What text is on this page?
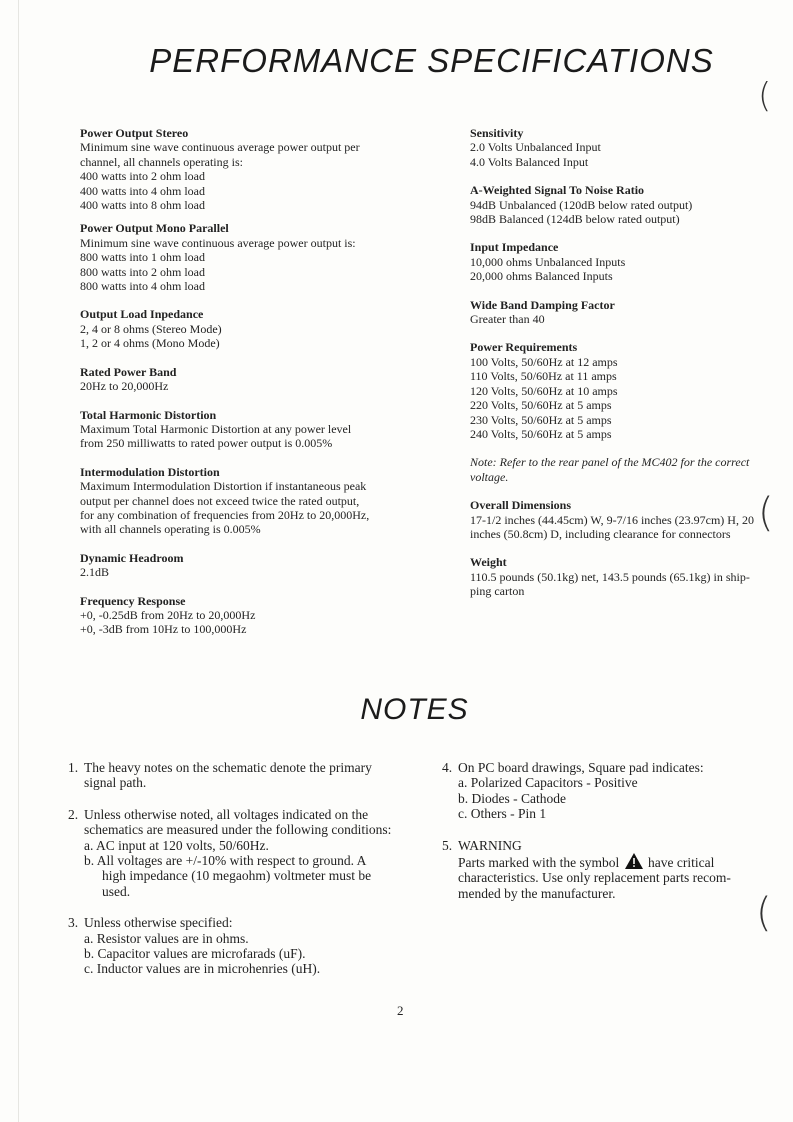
PERFORMANCE SPECIFICATIONS
Power Output Stereo
Minimum sine wave continuous average power output per
channel, all channels operating is:
400 watts into 2 ohm load
400 watts into 4 ohm load
400 watts into 8 ohm load
Power Output Mono Parallel
Minimum sine wave continuous average power output is:
800 watts into 1 ohm load
800 watts into 2 ohm load
800 watts into 4 ohm load
Output Load Inpedance
2, 4 or 8 ohms (Stereo Mode)
1, 2 or 4 ohms (Mono Mode)
Rated Power Band
20Hz to 20,000Hz
Total Harmonic Distortion
Maximum Total Harmonic Distortion at any power level
from 250 milliwatts to rated power output is 0.005%
Intermodulation Distortion
Maximum Intermodulation Distortion if instantaneous peak
output per channel does not exceed twice the rated output,
for any combination of frequencies from 20Hz to 20,000Hz,
with all channels operating is 0.005%
Dynamic Headroom
2.1dB
Frequency Response
+0, -0.25dB from 20Hz to 20,000Hz
+0, -3dB from 10Hz to 100,000Hz
Sensitivity
2.0 Volts Unbalanced Input
4.0 Volts Balanced Input
A-Weighted Signal To Noise Ratio
94dB Unbalanced (120dB below rated output)
98dB Balanced (124dB below rated output)
Input Impedance
10,000 ohms Unbalanced Inputs
20,000 ohms Balanced Inputs
Wide Band Damping Factor
Greater than 40
Power Requirements
100 Volts, 50/60Hz at 12 amps
110 Volts, 50/60Hz at 11 amps
120 Volts, 50/60Hz at 10 amps
220 Volts, 50/60Hz at 5 amps
230 Volts, 50/60Hz at 5 amps
240 Volts, 50/60Hz at 5 amps
Note: Refer to the rear panel of the MC402 for the correct
voltage.
Overall Dimensions
17-1/2 inches (44.45cm) W, 9-7/16 inches (23.97cm) H, 20
inches (50.8cm) D, including clearance for connectors
Weight
110.5 pounds (50.1kg) net, 143.5 pounds (65.1kg) in ship-
ping carton
NOTES
1. The heavy notes on the schematic denote the primary
signal path.
2. Unless otherwise noted, all voltages indicated on the
schematics are measured under the following conditions:
a. AC input at 120 volts, 50/60Hz.
b. All voltages are +/-10% with respect to ground. A
high impedance (10 megaohm) voltmeter must be used.
3. Unless otherwise specified:
a. Resistor values are in ohms.
b. Capacitor values are microfarads (uF).
c. Inductor values are in microhenries (uH).
4. On PC board drawings, Square pad indicates:
a. Polarized Capacitors - Positive
b. Diodes - Cathode
c. Others - Pin 1
5. WARNING
Parts marked with the symbol have critical
characteristics. Use only replacement parts recom-
mended by the manufacturer.
2
(
(
(
